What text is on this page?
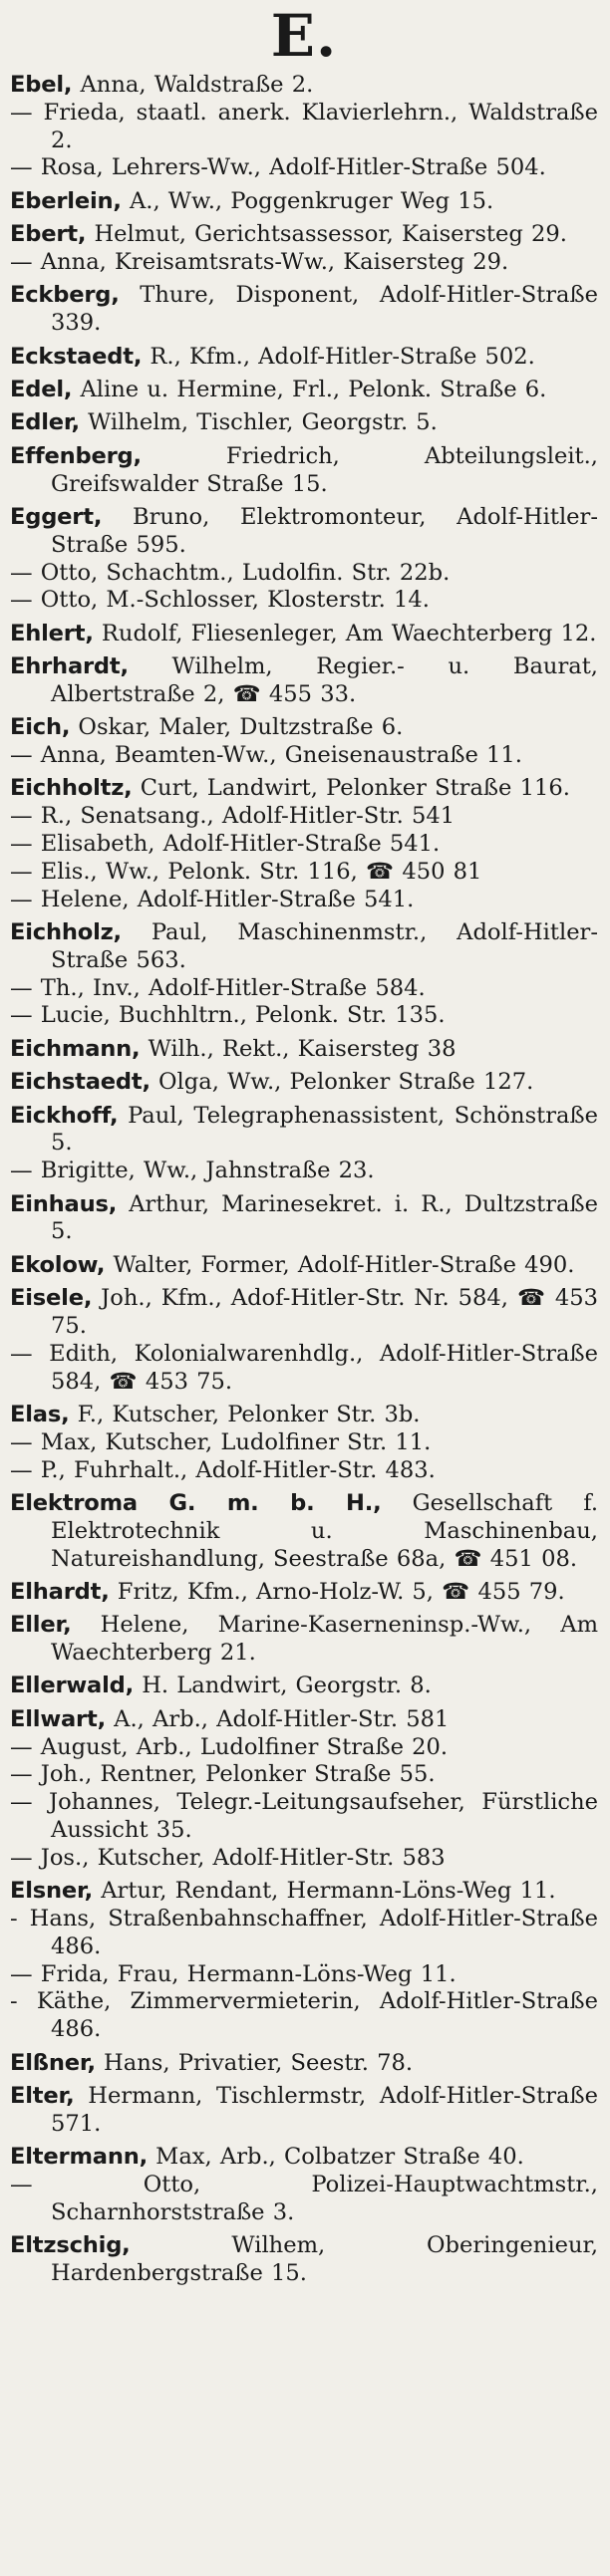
E.

Ebel, Anna, Waldstraße 2.

— Frieda, staatl. anerk. Klavierlehrn., Waldstraße 2.

— Rosa, Lehrers-Ww., Adolf-Hitler-Straße 504.

Eberlein, A., Ww., Poggenkruger Weg 15.

Ebert, Helmut, Gerichtsassessor, Kaisersteg 29.

— Anna, Kreisamtsrats-Ww., Kaisersteg 29.

Eckberg, Thure, Disponent, Adolf-Hitler-Straße 339.

Eckstaedt, R., Kfm., Adolf-Hitler-Straße 502.

Edel, Aline u. Hermine, Frl., Pelonk. Straße 6.

Edler, Wilhelm, Tischler, Georgstr. 5.

Effenberg, Friedrich, Abteilungsleit., Greifswalder Straße 15.

Eggert, Bruno, Elektromonteur, Adolf-Hitler-Straße 595.

— Otto, Schachtm., Ludolfin. Str. 22b.

— Otto, M.-Schlosser, Klosterstr. 14.

Ehlert, Rudolf, Fliesenleger, Am Waechterberg 12.

Ehrhardt, Wilhelm, Regier.- u. Baurat, Albertstraße 2, ☎ 455 33.

Eich, Oskar, Maler, Dultzstraße 6.

— Anna, Beamten-Ww., Gneisenaustraße 11.

Eichholtz, Curt, Landwirt, Pelonker Straße 116.

— R., Senatsang., Adolf-Hitler-Str. 541

— Elisabeth, Adolf-Hitler-Straße 541.

— Elis., Ww., Pelonk. Str. 116, ☎ 450 81

— Helene, Adolf-Hitler-Straße 541.

Eichholz, Paul, Maschinenmstr., Adolf-Hitler-Straße 563.

— Th., Inv., Adolf-Hitler-Straße 584.

— Lucie, Buchhltrn., Pelonk. Str. 135.

Eichmann, Wilh., Rekt., Kaisersteg 38

Eichstaedt, Olga, Ww., Pelonker Straße 127.

Eickhoff, Paul, Telegraphenassistent, Schönstraße 5.

— Brigitte, Ww., Jahnstraße 23.

Einhaus, Arthur, Marinesekret. i. R., Dultzstraße 5.

Ekolow, Walter, Former, Adolf-Hitler-Straße 490.

Eisele, Joh., Kfm., Adof-Hitler-Str. Nr. 584, ☎ 453 75.

— Edith, Kolonialwarenhdlg., Adolf-Hitler-Straße 584, ☎ 453 75.

Elas, F., Kutscher, Pelonker Str. 3b.

— Max, Kutscher, Ludolfiner Str. 11.

— P., Fuhrhalt., Adolf-Hitler-Str. 483.

Elektroma G. m. b. H., Gesellschaft f. Elektrotechnik u. Maschinenbau, Natureishandlung, Seestraße 68a, ☎ 451 08.

Elhardt, Fritz, Kfm., Arno-Holz-W. 5, ☎ 455 79.

Eller, Helene, Marine-Kaserneninsp.-Ww., Am Waechterberg 21.

Ellerwald, H. Landwirt, Georgstr. 8.

Ellwart, A., Arb., Adolf-Hitler-Str. 581

— August, Arb., Ludolfiner Straße 20.

— Joh., Rentner, Pelonker Straße 55.

— Johannes, Telegr.-Leitungsaufseher, Fürstliche Aussicht 35.

— Jos., Kutscher, Adolf-Hitler-Str. 583

Elsner, Artur, Rendant, Hermann-Löns-Weg 11.

- Hans, Straßenbahnschaffner, Adolf-Hitler-Straße 486.

— Frida, Frau, Hermann-Löns-Weg 11.

- Käthe, Zimmervermieterin, Adolf-Hitler-Straße 486.

Elßner, Hans, Privatier, Seestr. 78.

Elter, Hermann, Tischlermstr, Adolf-Hitler-Straße 571.

Eltermann, Max, Arb., Colbatzer Straße 40.

— Otto, Polizei-Hauptwachtmstr., Scharnhorststraße 3.

Eltzschig, Wilhem, Oberingenieur, Hardenbergstraße 15.
